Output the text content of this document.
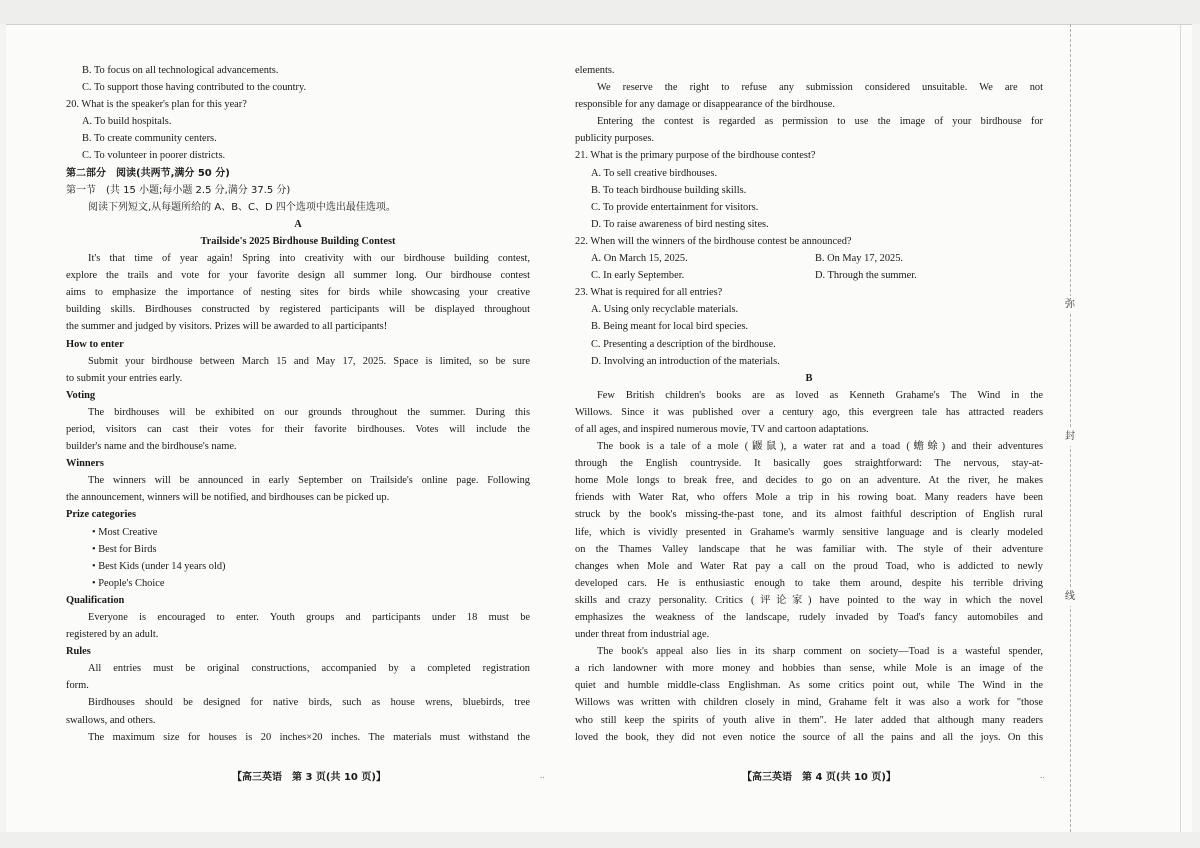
B. To focus on all technological advancements.

C. To support those having contributed to the country.

20. What is the speaker's plan for this year?

A. To build hospitals.

B. To create community centers.

C. To volunteer in poorer districts.

第二部分　阅读(共两节,满分 50 分)

第一节　(共 15 小题;每小题 2.5 分,满分 37.5 分)

阅读下列短文,从每题所给的 A、B、C、D 四个选项中选出最佳选项。

A

Trailside's 2025 Birdhouse Building Contest

It's that time of year again! Spring into creativity with our birdhouse building contest,

explore the trails and vote for your favorite design all summer long. Our birdhouse contest

aims to emphasize the importance of nesting sites for birds while showcasing your creative

building skills. Birdhouses constructed by registered participants will be displayed throughout

the summer and judged by visitors. Prizes will be awarded to all participants!

How to enter

Submit your birdhouse between March 15 and May 17, 2025. Space is limited, so be sure

to submit your entries early.

Voting

The birdhouses will be exhibited on our grounds throughout the summer. During this

period, visitors can cast their votes for their favorite birdhouses. Votes will include the

builder's name and the birdhouse's name.

Winners

The winners will be announced in early September on Trailside's online page. Following

the announcement, winners will be notified, and birdhouses can be picked up.

Prize categories

• Most Creative

• Best for Birds

• Best Kids (under 14 years old)

• People's Choice

Qualification

Everyone is encouraged to enter. Youth groups and participants under 18 must be

registered by an adult.

Rules

All entries must be original constructions, accompanied by a completed registration

form.

Birdhouses should be designed for native birds, such as house wrens, bluebirds, tree

swallows, and others.

The maximum size for houses is 20 inches×20 inches. The materials must withstand the

【高三英语　第 3 页(共 10 页)】	..

elements.

We reserve the right to refuse any submission considered unsuitable. We are not

responsible for any damage or disappearance of the birdhouse.

Entering the contest is regarded as permission to use the image of your birdhouse for

publicity purposes.

21. What is the primary purpose of the birdhouse contest?

A. To sell creative birdhouses.

B. To teach birdhouse building skills.

C. To provide entertainment for visitors.

D. To raise awareness of bird nesting sites.

22. When will the winners of the birdhouse contest be announced?

A. On March 15, 2025.	B. On May 17, 2025.

C. In early September.	D. Through the summer.

23. What is required for all entries?

A. Using only recyclable materials.

B. Being meant for local bird species.

C. Presenting a description of the birdhouse.

D. Involving an introduction of the materials.

B

Few British children's books are as loved as Kenneth Grahame's The Wind in the

Willows. Since it was published over a century ago, this evergreen tale has attracted readers

of all ages, and inspired numerous movie, TV and cartoon adaptations.

The book is a tale of a mole (鼹鼠), a water rat and a toad (蟾蜍) and their adventures

through the English countryside. It basically goes straightforward: The nervous, stay-at-

home Mole longs to break free, and decides to go on an adventure. At the river, he makes

friends with Water Rat, who offers Mole a trip in his rowing boat. Many readers have been

struck by the book's missing-the-past tone, and its almost faithful description of English rural

life, which is vividly presented in Grahame's warmly sensitive language and is clearly modeled

on the Thames Valley landscape that he was familiar with. The style of their adventure

changes when Mole and Water Rat pay a call on the proud Toad, who is addicted to newly

developed cars. He is enthusiastic enough to take them around, despite his terrible driving

skills and crazy personality. Critics (评论家) have pointed to the way in which the novel

emphasizes the weakness of the landscape, rudely invaded by Toad's fancy automobiles and

under threat from industrial age.

The book's appeal also lies in its sharp comment on society—Toad is a wasteful spender,

a rich landowner with more money and hobbies than sense, while Mole is an image of the

quiet and humble middle-class Englishman. As some critics point out, while The Wind in the

Willows was written with children closely in mind, Grahame felt it was also a work for "those

who still keep the spirits of youth alive in them". He later added that although many readers

loved the book, they did not even notice the source of all the pains and all the joys. On this

【高三英语　第 4 页(共 10 页)】	..
弥
封
线
